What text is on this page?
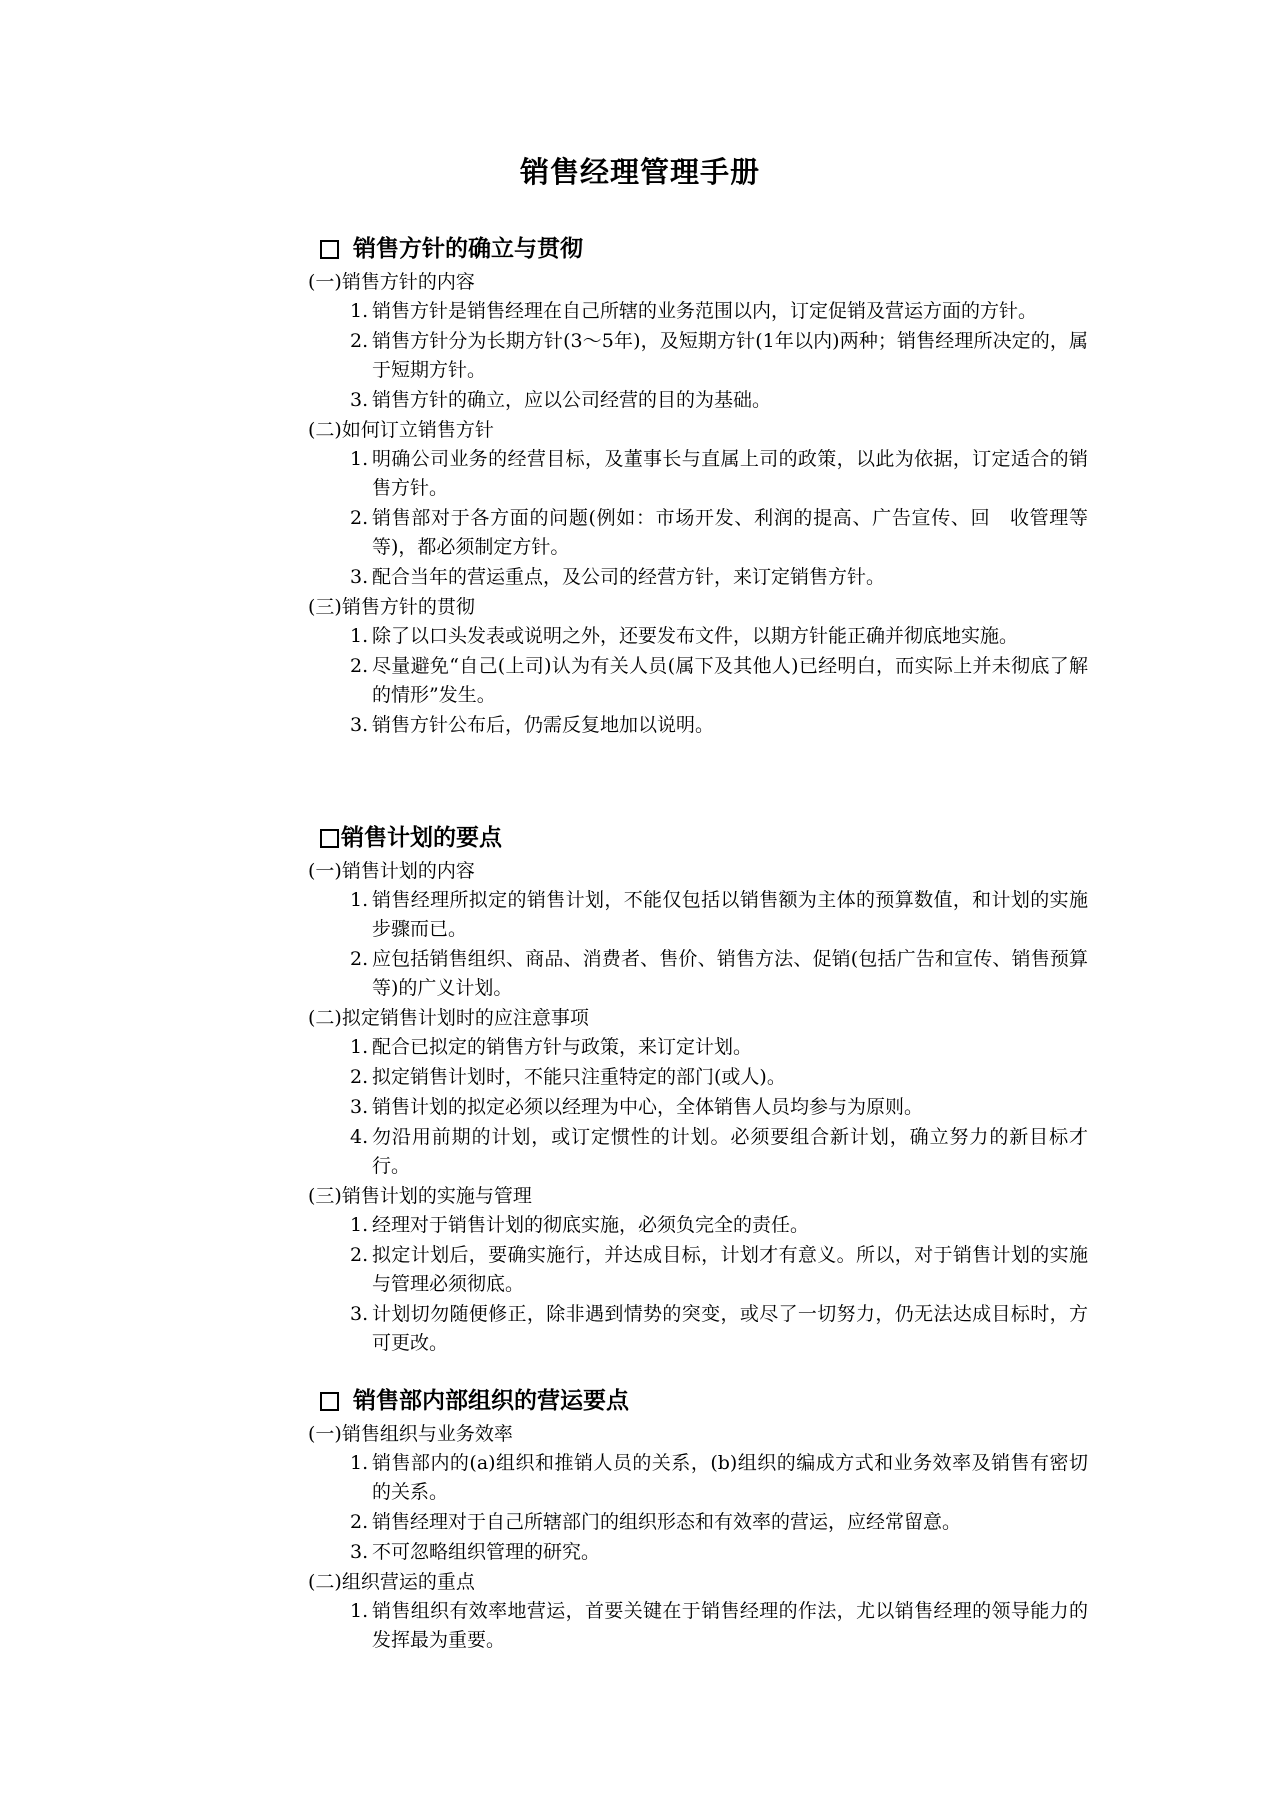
销售经理管理手册
销售方针的确立与贯彻

(一)销售方针的内容

1. 销售方针是销售经理在自己所辖的业务范围以内，订定促销及营运方面的方针。
2. 销售方针分为长期方针(3～5年)，及短期方针(1年以内)两种；销售经理所决定的，属于短期方针。
3. 销售方针的确立，应以公司经营的目的为基础。

(二)如何订立销售方针

1. 明确公司业务的经营目标，及董事长与直属上司的政策，以此为依据，订定适合的销售方针。
2. 销售部对于各方面的问题(例如：市场开发、利润的提高、广告宣传、回　收管理等等)，都必须制定方针。
3. 配合当年的营运重点，及公司的经营方针，来订定销售方针。

(三)销售方针的贯彻

1. 除了以口头发表或说明之外，还要发布文件，以期方针能正确并彻底地实施。
2. 尽量避免“自己(上司)认为有关人员(属下及其他人)已经明白，而实际上并未彻底了解的情形”发生。
3. 销售方针公布后，仍需反复地加以说明。
销售计划的要点

(一)销售计划的内容

1. 销售经理所拟定的销售计划，不能仅包括以销售额为主体的预算数值，和计划的实施步骤而已。
2. 应包括销售组织、商品、消费者、售价、销售方法、促销(包括广告和宣传、销售预算等)的广义计划。

(二)拟定销售计划时的应注意事项

1. 配合已拟定的销售方针与政策，来订定计划。
2. 拟定销售计划时，不能只注重特定的部门(或人)。
3. 销售计划的拟定必须以经理为中心，全体销售人员均参与为原则。
4. 勿沿用前期的计划，或订定惯性的计划。必须要组合新计划，确立努力的新目标才行。

(三)销售计划的实施与管理

1. 经理对于销售计划的彻底实施，必须负完全的责任。
2. 拟定计划后，要确实施行，并达成目标，计划才有意义。所以，对于销售计划的实施与管理必须彻底。
3. 计划切勿随便修正，除非遇到情势的突变，或尽了一切努力，仍无法达成目标时，方可更改。
销售部内部组织的营运要点

(一)销售组织与业务效率

1. 销售部内的(a)组织和推销人员的关系，(b)组织的编成方式和业务效率及销售有密切的关系。
2. 销售经理对于自己所辖部门的组织形态和有效率的营运，应经常留意。
3. 不可忽略组织管理的研究。

(二)组织营运的重点

1. 销售组织有效率地营运，首要关键在于销售经理的作法，尤以销售经理的领导能力的发挥最为重要。
